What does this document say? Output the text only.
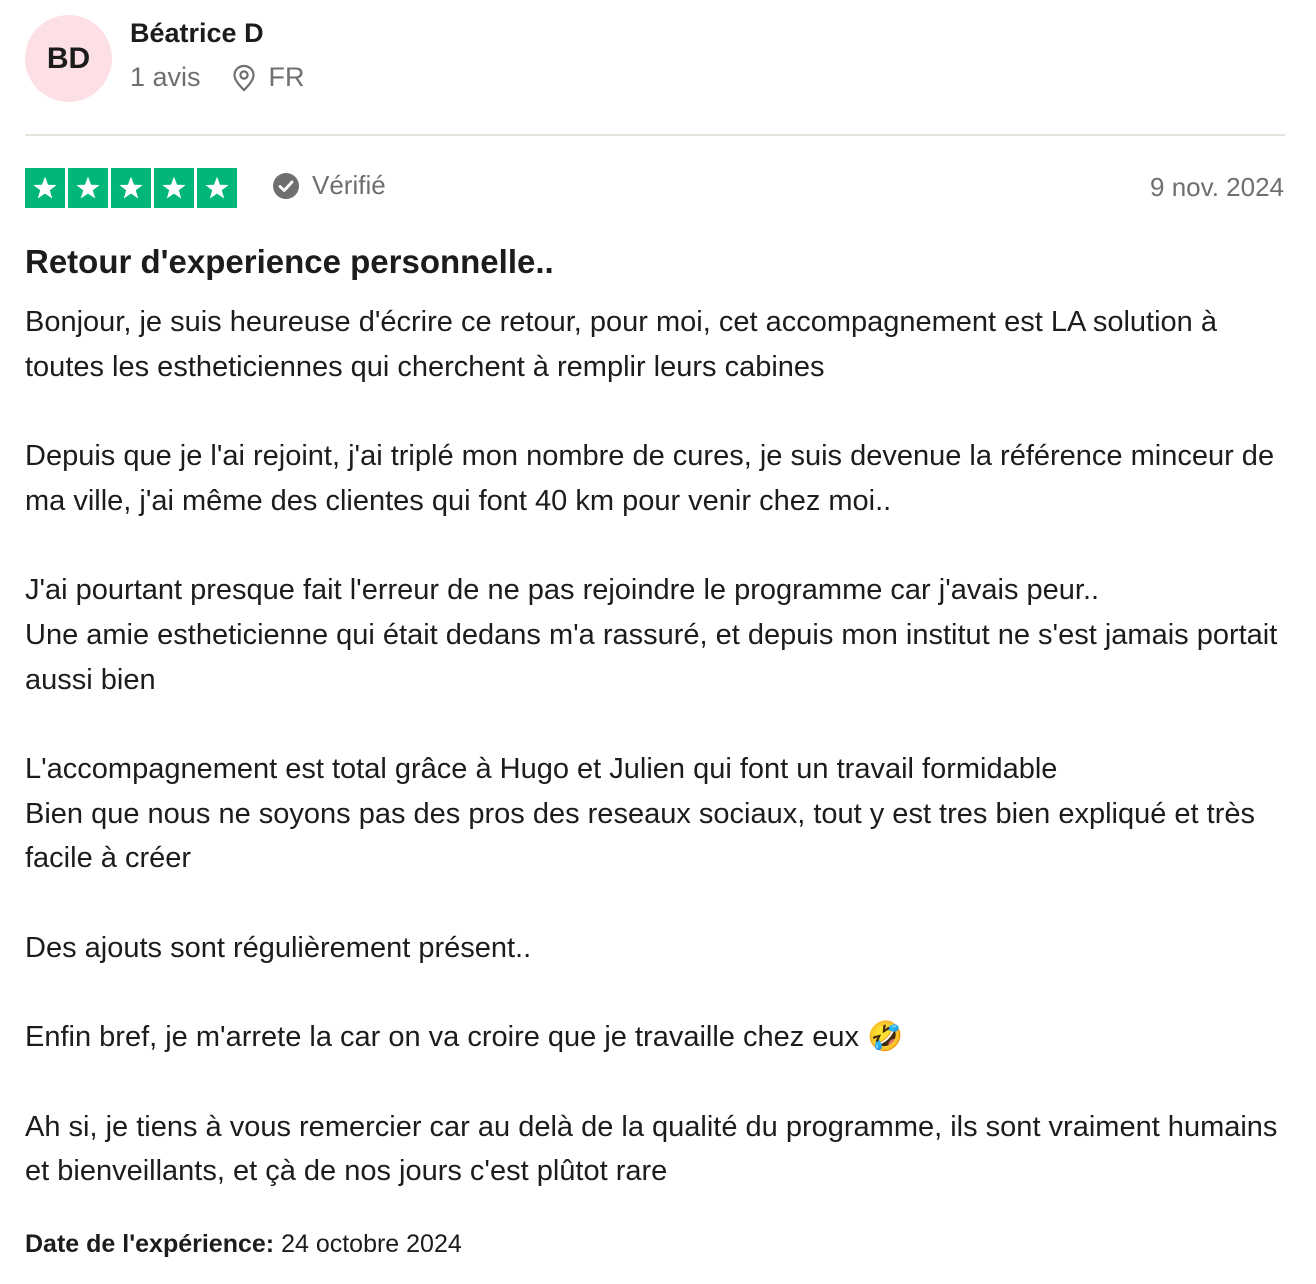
BD
Béatrice D
1 avis	FR
Vérifié	9 nov. 2024
Retour d'experience personnelle..

Bonjour, je suis heureuse d'écrire ce retour, pour moi, cet accompagnement est LA solution à toutes les estheticiennes qui cherchent à remplir leurs cabines

Depuis que je l'ai rejoint, j'ai triplé mon nombre de cures, je suis devenue la référence minceur de ma ville, j'ai même des clientes qui font 40 km pour venir chez moi..

J'ai pourtant presque fait l'erreur de ne pas rejoindre le programme car j'avais peur..
Une amie estheticienne qui était dedans m'a rassuré, et depuis mon institut ne s'est jamais portait aussi bien

L'accompagnement est total grâce à Hugo et Julien qui font un travail formidable
Bien que nous ne soyons pas des pros des reseaux sociaux, tout y est tres bien expliqué et très facile à créer

Des ajouts sont régulièrement présent..

Enfin bref, je m'arrete la car on va croire que je travaille chez eux 🤣

Ah si, je tiens à vous remercier car au delà de la qualité du programme, ils sont vraiment humains et bienveillants, et çà de nos jours c'est plûtot rare

Date de l'expérience: 24 octobre 2024
